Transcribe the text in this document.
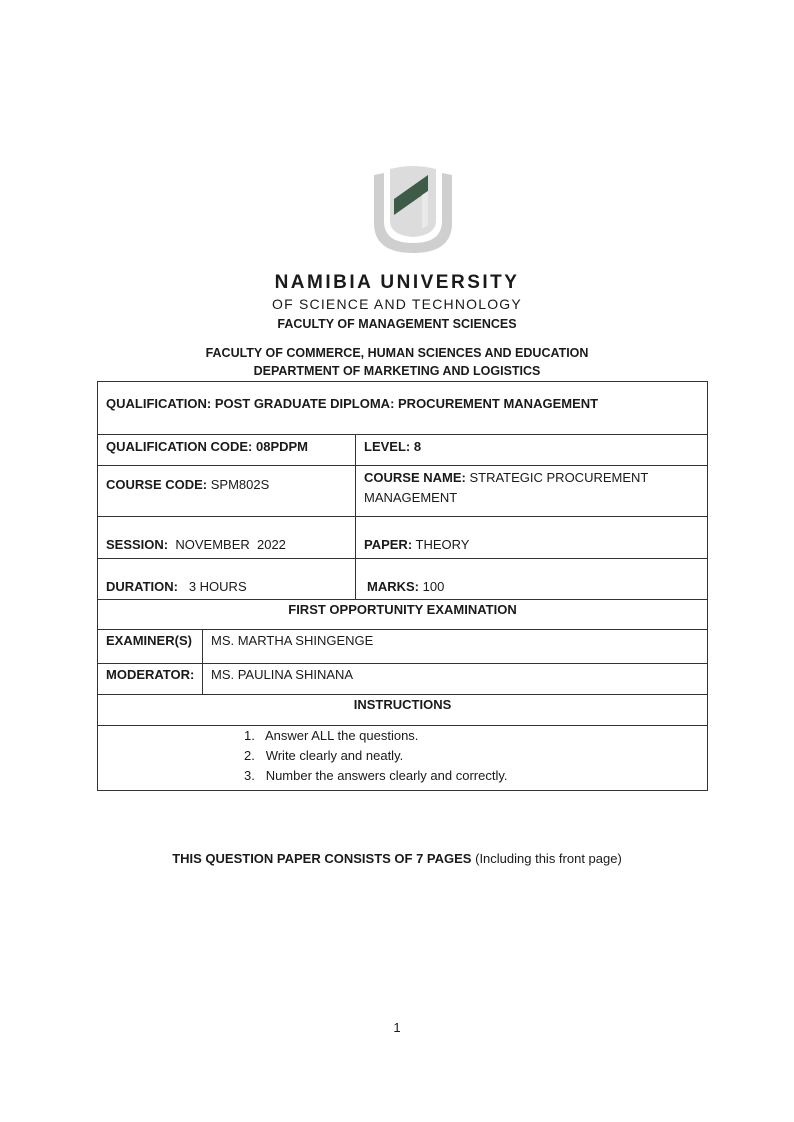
NAMIBIA UNIVERSITY
OF SCIENCE AND TECHNOLOGY
FACULTY OF MANAGEMENT SCIENCES
FACULTY OF COMMERCE, HUMAN SCIENCES AND EDUCATION
DEPARTMENT OF MARKETING AND LOGISTICS
QUALIFICATION: POST GRADUATE DIPLOMA: PROCUREMENT MANAGEMENT
QUALIFICATION CODE: 08PDPM	LEVEL: 8
COURSE CODE: SPM802S	COURSE NAME: STRATEGIC PROCUREMENT
MANAGEMENT
SESSION: NOVEMBER  2022	PAPER: THEORY
DURATION: 3 HOURS	MARKS: 100
FIRST OPPORTUNITY EXAMINATION
EXAMINER(S)	MS. MARTHA SHINGENGE
MODERATOR:	MS. PAULINA SHINANA
INSTRUCTIONS
1. Answer ALL the questions.
2. Write clearly and neatly.
3. Number the answers clearly and correctly.
THIS QUESTION PAPER CONSISTS OF 7 PAGES (Including this front page)
1
